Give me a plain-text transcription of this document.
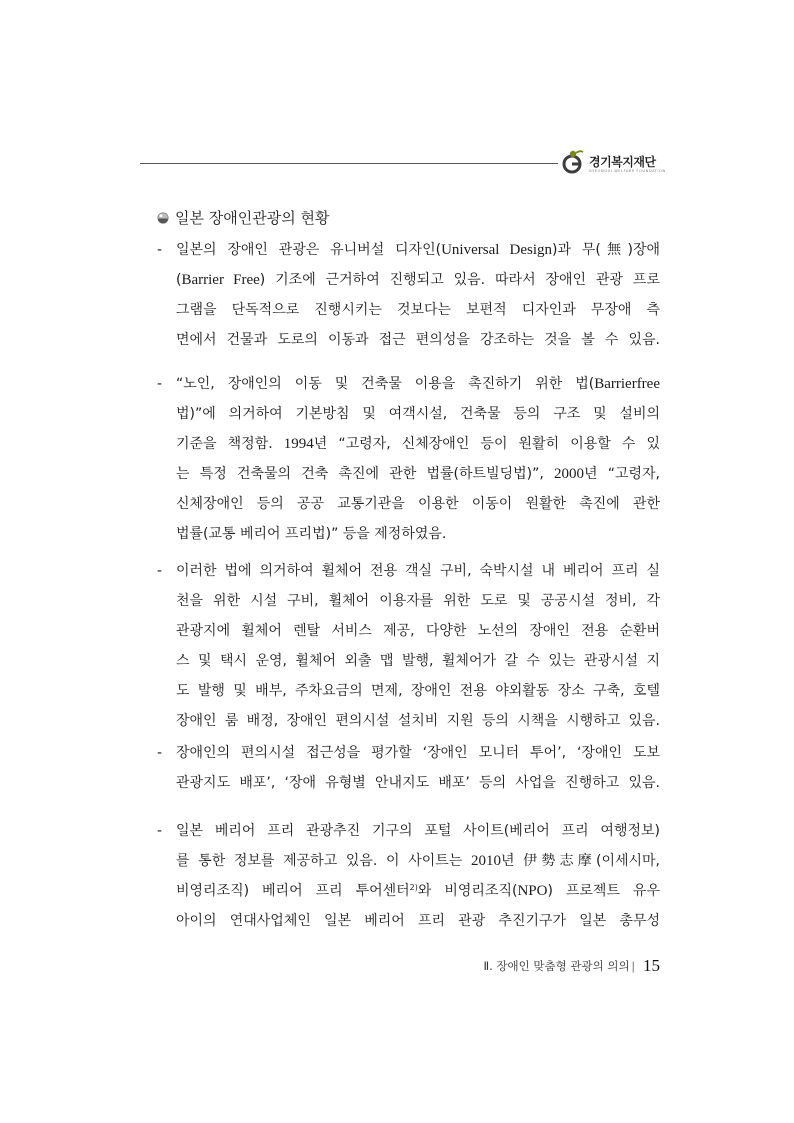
경기복지재단
GYEONGGI WELFARE FOUNDATION
일본 장애인관광의 현황
- 일본의 장애인 관광은 유니버설 디자인(Universal Design)과 무(無)장애
(Barrier Free) 기조에 근거하여 진행되고 있음. 따라서 장애인 관광 프로
그램을 단독적으로 진행시키는 것보다는 보편적 디자인과 무장애 측
면에서 건물과 도로의 이동과 접근 편의성을 강조하는 것을 볼 수 있음.
- “노인, 장애인의 이동 및 건축물 이용을 촉진하기 위한 법(Barrierfree
법)”에 의거하여 기본방침 및 여객시설, 건축물 등의 구조 및 설비의
기준을 책정함. 1994년 “고령자, 신체장애인 등이 원활히 이용할 수 있
는 특정 건축물의 건축 촉진에 관한 법률(하트빌딩법)”, 2000년 “고령자,
신체장애인 등의 공공 교통기관을 이용한 이동이 원활한 촉진에 관한
법률(교통 베리어 프리법)” 등을 제정하였음.
- 이러한 법에 의거하여 휠체어 전용 객실 구비, 숙박시설 내 베리어 프리 실
천을 위한 시설 구비, 휠체어 이용자를 위한 도로 및 공공시설 정비, 각
관광지에 휠체어 렌탈 서비스 제공, 다양한 노선의 장애인 전용 순환버
스 및 택시 운영, 휠체어 외출 맵 발행, 휠체어가 갈 수 있는 관광시설 지
도 발행 및 배부, 주차요금의 면제, 장애인 전용 야외활동 장소 구축, 호텔
장애인 룸 배정, 장애인 편의시설 설치비 지원 등의 시책을 시행하고 있음.
- 장애인의 편의시설 접근성을 평가할 ‘장애인 모니터 투어’, ‘장애인 도보
관광지도 배포’, ‘장애 유형별 안내지도 배포’ 등의 사업을 진행하고 있음.
- 일본 베리어 프리 관광추진 기구의 포털 사이트(베리어 프리 여행정보)
를 통한 정보를 제공하고 있음. 이 사이트는 2010년 伊勢志摩(이세시마,
비영리조직) 베리어 프리 투어센터$^{2)}$와 비영리조직(NPO) 프로젝트 유우
아이의 연대사업체인 일본 베리어 프리 관광 추진기구가 일본 총무성
Ⅱ. 장애인 맞춤형 관광의 의의 ǀ 15
